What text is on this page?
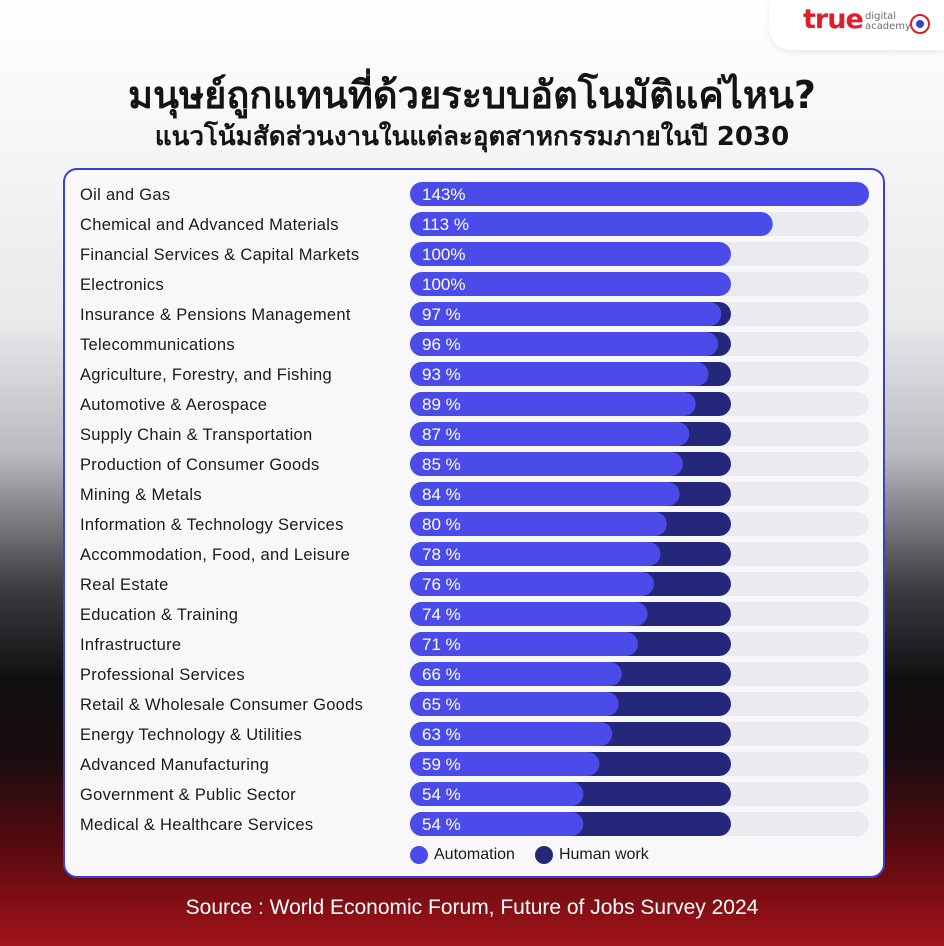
true digital academy
มนุษย์ถูกแทนที่ด้วยระบบอัตโนมัติแค่ไหน?
แนวโน้มสัดส่วนงานในแต่ละอุตสาหกรรมภายในปี 2030
Oil and Gas	143%
Chemical and Advanced Materials	113 %
Financial Services & Capital Markets	100%
Electronics	100%
Insurance & Pensions Management	97 %
Telecommunications	96 %
Agriculture, Forestry, and Fishing	93 %
Automotive & Aerospace	89 %
Supply Chain & Transportation	87 %
Production of Consumer Goods	85 %
Mining & Metals	84 %
Information & Technology Services	80 %
Accommodation, Food, and Leisure	78 %
Real Estate	76 %
Education & Training	74 %
Infrastructure	71 %
Professional Services	66 %
Retail & Wholesale Consumer Goods	65 %
Energy Technology & Utilities	63 %
Advanced Manufacturing	59 %
Government & Public Sector	54 %
Medical & Healthcare Services	54 %
Automation	Human work
Source : World Economic Forum, Future of Jobs Survey 2024
